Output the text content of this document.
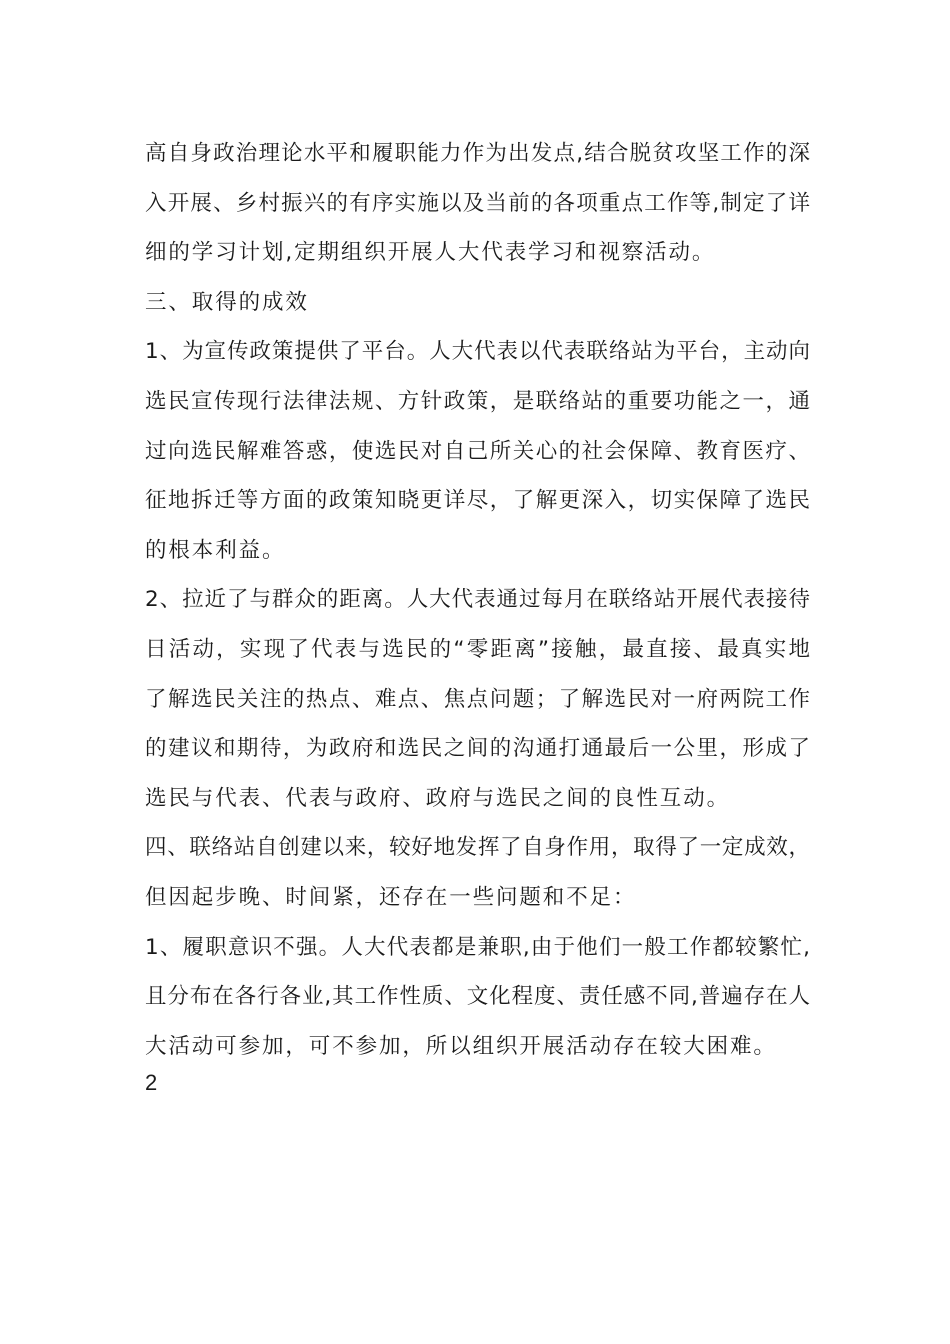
高自身政治理论水平和履职能力作为出发点,结合脱贫攻坚工作的深
入开展、乡村振兴的有序实施以及当前的各项重点工作等,制定了详
细的学习计划,定期组织开展人大代表学习和视察活动。
三、取得的成效
1、为宣传政策提供了平台。人大代表以代表联络站为平台，主动向
选民宣传现行法律法规、方针政策，是联络站的重要功能之一，通
过向选民解难答惑，使选民对自己所关心的社会保障、教育医疗、
征地拆迁等方面的政策知晓更详尽，了解更深入，切实保障了选民
的根本利益。
2、拉近了与群众的距离。人大代表通过每月在联络站开展代表接待
日活动，实现了代表与选民的“零距离”接触，最直接、最真实地
了解选民关注的热点、难点、焦点问题；了解选民对一府两院工作
的建议和期待，为政府和选民之间的沟通打通最后一公里，形成了
选民与代表、代表与政府、政府与选民之间的良性互动。
四、联络站自创建以来，较好地发挥了自身作用，取得了一定成效，
但因起步晚、时间紧，还存在一些问题和不足：
1、履职意识不强。人大代表都是兼职,由于他们一般工作都较繁忙,
且分布在各行各业,其工作性质、文化程度、责任感不同,普遍存在人
大活动可参加，可不参加，所以组织开展活动存在较大困难。
2
